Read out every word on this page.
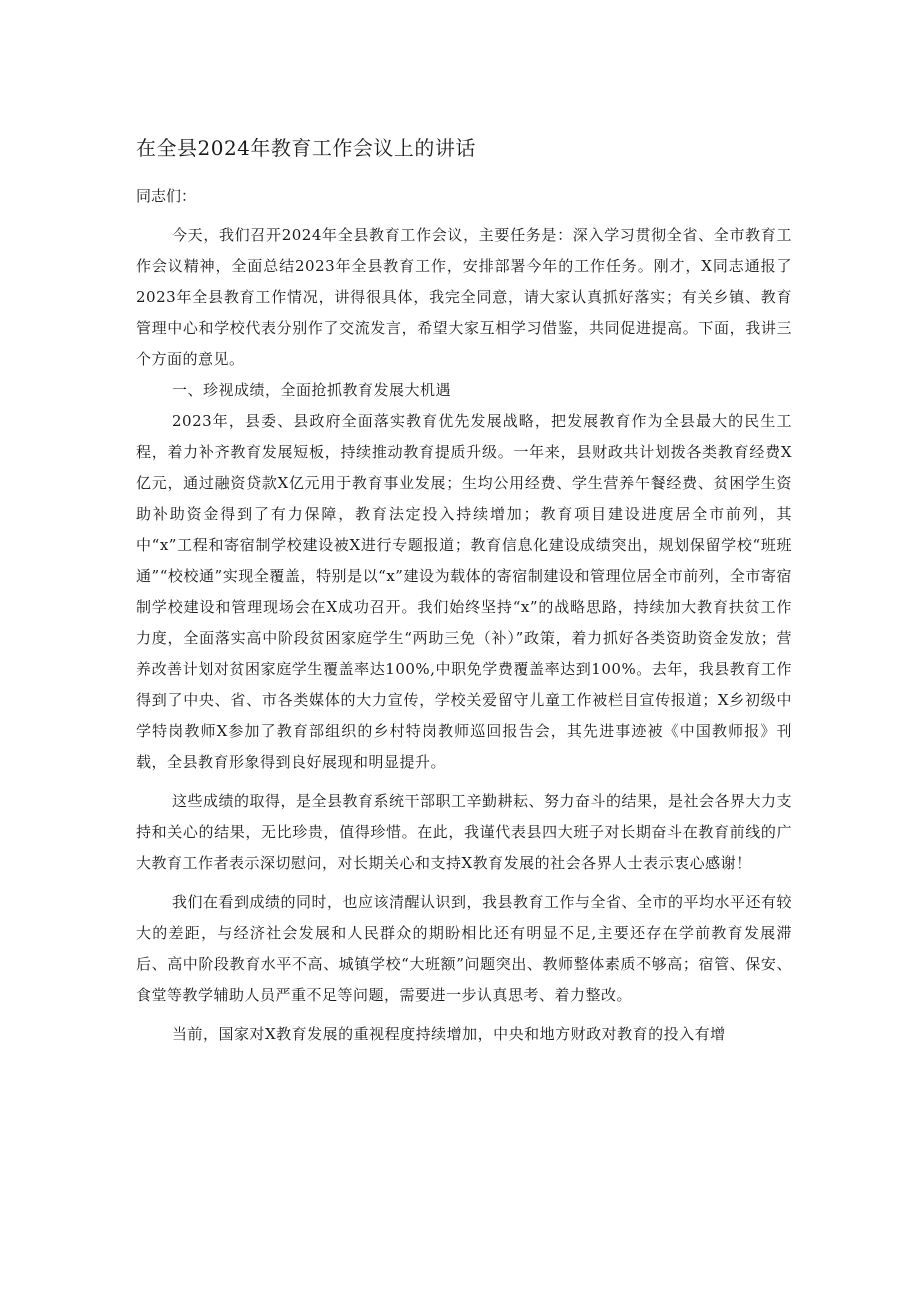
在全县2024年教育工作会议上的讲话

同志们：

今天，我们召开2024年全县教育工作会议，主要任务是：深入学习贯彻全省、全市教育工作会议精神，全面总结2023年全县教育工作，安排部署今年的工作任务。刚才，X同志通报了2023年全县教育工作情况，讲得很具体，我完全同意，请大家认真抓好落实；有关乡镇、教育管理中心和学校代表分别作了交流发言，希望大家互相学习借鉴，共同促进提高。下面，我讲三个方面的意见。

一、珍视成绩，全面抢抓教育发展大机遇

2023年，县委、县政府全面落实教育优先发展战略，把发展教育作为全县最大的民生工程，着力补齐教育发展短板，持续推动教育提质升级。一年来，县财政共计划拨各类教育经费X亿元，通过融资贷款X亿元用于教育事业发展；生均公用经费、学生营养午餐经费、贫困学生资助补助资金得到了有力保障，教育法定投入持续增加；教育项目建设进度居全市前列，其中“x”工程和寄宿制学校建设被X进行专题报道；教育信息化建设成绩突出，规划保留学校“班班通”“校校通”实现全覆盖，特别是以“x”建设为载体的寄宿制建设和管理位居全市前列，全市寄宿制学校建设和管理现场会在X成功召开。我们始终坚持“x”的战略思路，持续加大教育扶贫工作力度，全面落实高中阶段贫困家庭学生“两助三免（补）”政策，着力抓好各类资助资金发放；营养改善计划对贫困家庭学生覆盖率达100%,中职免学费覆盖率达到100%。去年，我县教育工作得到了中央、省、市各类媒体的大力宣传，学校关爱留守儿童工作被栏目宣传报道；X乡初级中学特岗教师X参加了教育部组织的乡村特岗教师巡回报告会，其先进事迹被《中国教师报》刊载，全县教育形象得到良好展现和明显提升。

这些成绩的取得，是全县教育系统干部职工辛勤耕耘、努力奋斗的结果，是社会各界大力支持和关心的结果，无比珍贵，值得珍惜。在此，我谨代表县四大班子对长期奋斗在教育前线的广大教育工作者表示深切慰问，对长期关心和支持X教育发展的社会各界人士表示衷心感谢！

我们在看到成绩的同时，也应该清醒认识到，我县教育工作与全省、全市的平均水平还有较大的差距，与经济社会发展和人民群众的期盼相比还有明显不足,主要还存在学前教育发展滞后、高中阶段教育水平不高、城镇学校“大班额”问题突出、教师整体素质不够高；宿管、保安、食堂等教学辅助人员严重不足等问题，需要进一步认真思考、着力整改。

当前，国家对X教育发展的重视程度持续增加，中央和地方财政对教育的投入有增
